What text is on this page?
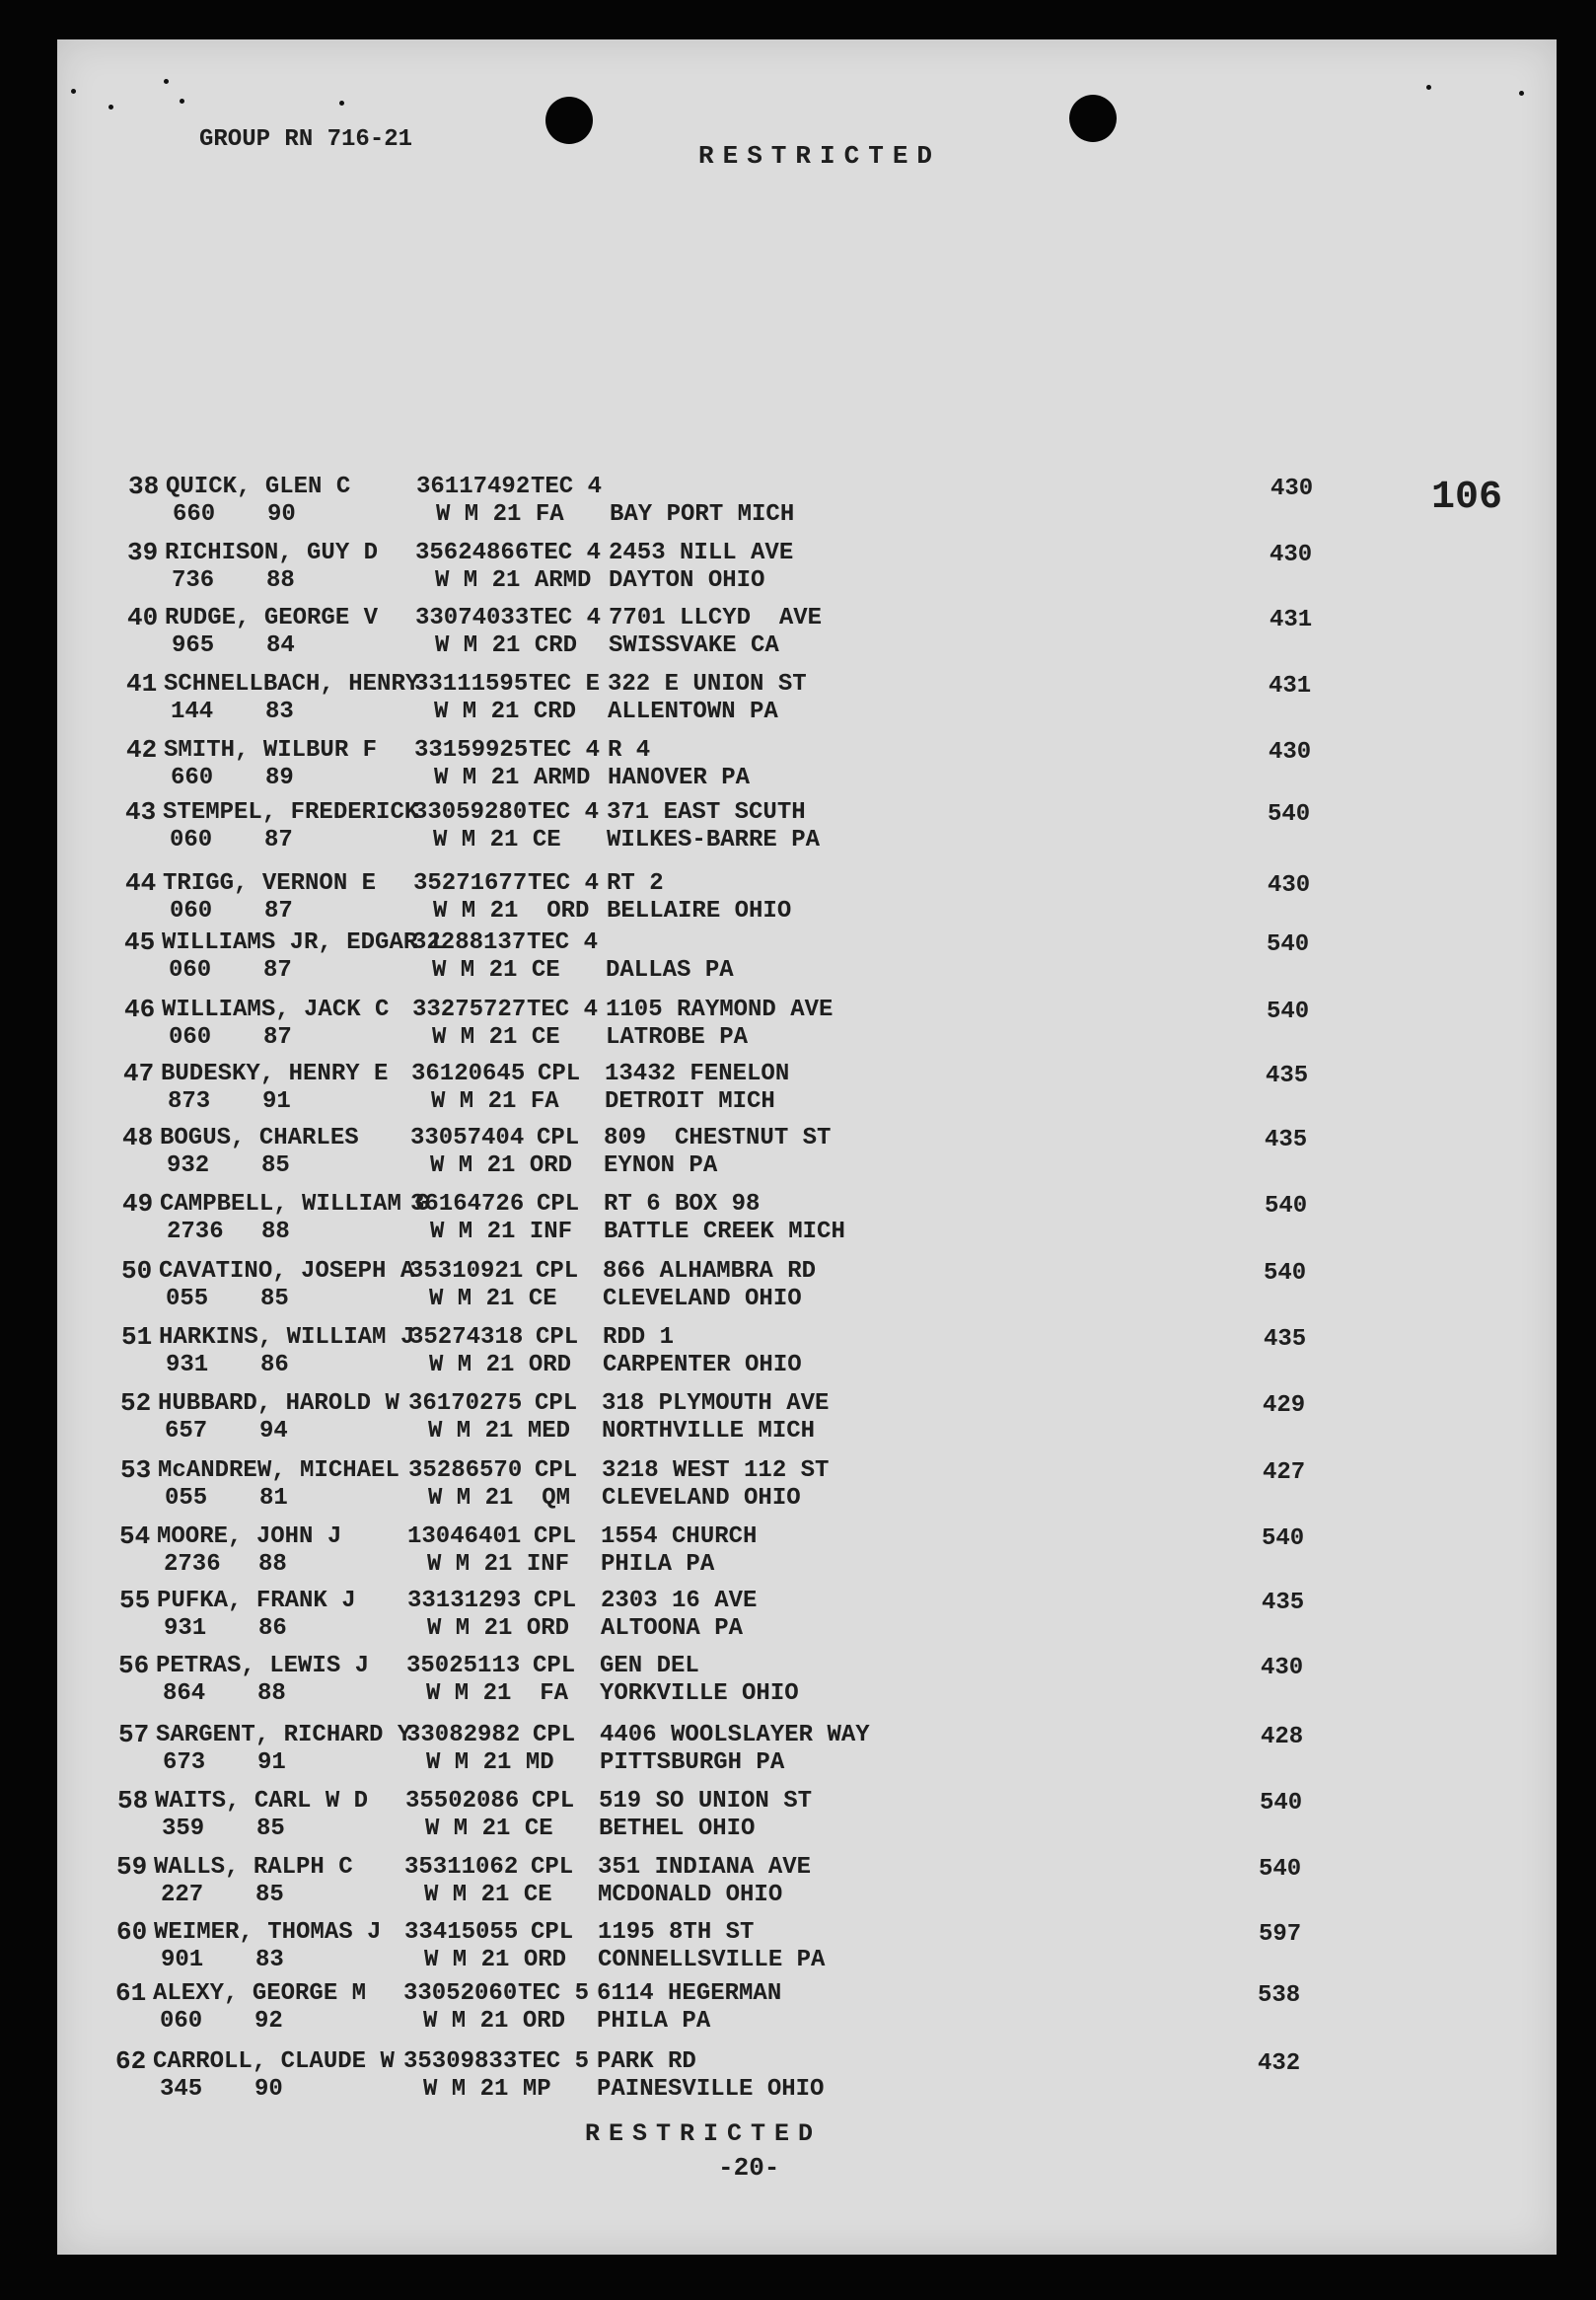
GROUP RN 716-21
RESTRICTED
106
38 QUICK, GLEN C
660 90
36117492 TEC 4
W M 21 FA BAY PORT MICH
430
39 RICHISON, GUY D
736 88
35624866 TEC 4
W M 21 ARMD
2453 NILL AVE
DAYTON OHIO
430
40 RUDGE, GEORGE V
965 84
33074033 TEC 4
W M 21 CRD
7701 LLCYD  AVE
SWISSVAKE CA
431
41 SCHNELLBACH, HENRY
144 83
33111595 TEC E
W M 21 CRD
322 E UNION ST
ALLENTOWN PA
431
42 SMITH, WILBUR F
660 89
33159925 TEC 4
W M 21 ARMD
R 4
HANOVER PA
430
43 STEMPEL, FREDERICK
060 87
33059280 TEC 4
W M 21 CE
371 EAST SCUTH
WILKES-BARRE PA
540
44 TRIGG, VERNON E
060 87
35271677 TEC 4
W M 21  ORD
RT 2
BELLAIRE OHIO
430
45 WILLIAMS JR, EDGAR L
060 87
32288137 TEC 4
W M 21 CE DALLAS PA
540
46 WILLIAMS, JACK C
060 87
33275727 TEC 4
W M 21 CE
1105 RAYMOND AVE
LATROBE PA
540
47 BUDESKY, HENRY E
873 91
36120645 CPL
W M 21 FA
13432 FENELON
DETROIT MICH
435
48 BOGUS, CHARLES
932 85
33057404 CPL
W M 21 ORD
809  CHESTNUT ST
EYNON PA
435
49 CAMPBELL, WILLIAM G
2736 88
36164726 CPL
W M 21 INF
RT 6 BOX 98
BATTLE CREEK MICH
540
50 CAVATINO, JOSEPH A
055 85
35310921 CPL
W M 21 CE
866 ALHAMBRA RD
CLEVELAND OHIO
540
51 HARKINS, WILLIAM J
931 86
35274318 CPL
W M 21 ORD
RDD 1
CARPENTER OHIO
435
52 HUBBARD, HAROLD W
657 94
36170275 CPL
W M 21 MED
318 PLYMOUTH AVE
NORTHVILLE MICH
429
53 McANDREW, MICHAEL
055 81
35286570 CPL
W M 21  QM
3218 WEST 112 ST
CLEVELAND OHIO
427
54 MOORE, JOHN J
2736 88
13046401 CPL
W M 21 INF
1554 CHURCH
PHILA PA
540
55 PUFKA, FRANK J
931 86
33131293 CPL
W M 21 ORD
2303 16 AVE
ALTOONA PA
435
56 PETRAS, LEWIS J
864 88
35025113 CPL
W M 21  FA
GEN DEL
YORKVILLE OHIO
430
57 SARGENT, RICHARD Y
673 91
33082982 CPL
W M 21 MD
4406 WOOLSLAYER WAY
PITTSBURGH PA
428
58 WAITS, CARL W D
359 85
35502086 CPL
W M 21 CE
519 SO UNION ST
BETHEL OHIO
540
59 WALLS, RALPH C
227 85
35311062 CPL
W M 21 CE
351 INDIANA AVE
MCDONALD OHIO
540
60 WEIMER, THOMAS J
901 83
33415055 CPL
W M 21 ORD
1195 8TH ST
CONNELLSVILLE PA
597
61 ALEXY, GEORGE M
060 92
33052060 TEC 5
W M 21 ORD
6114 HEGERMAN
PHILA PA
538
62 CARROLL, CLAUDE W
345 90
35309833 TEC 5
W M 21 MP
PARK RD
PAINESVILLE OHIO
432
RESTRICTED
-20-
